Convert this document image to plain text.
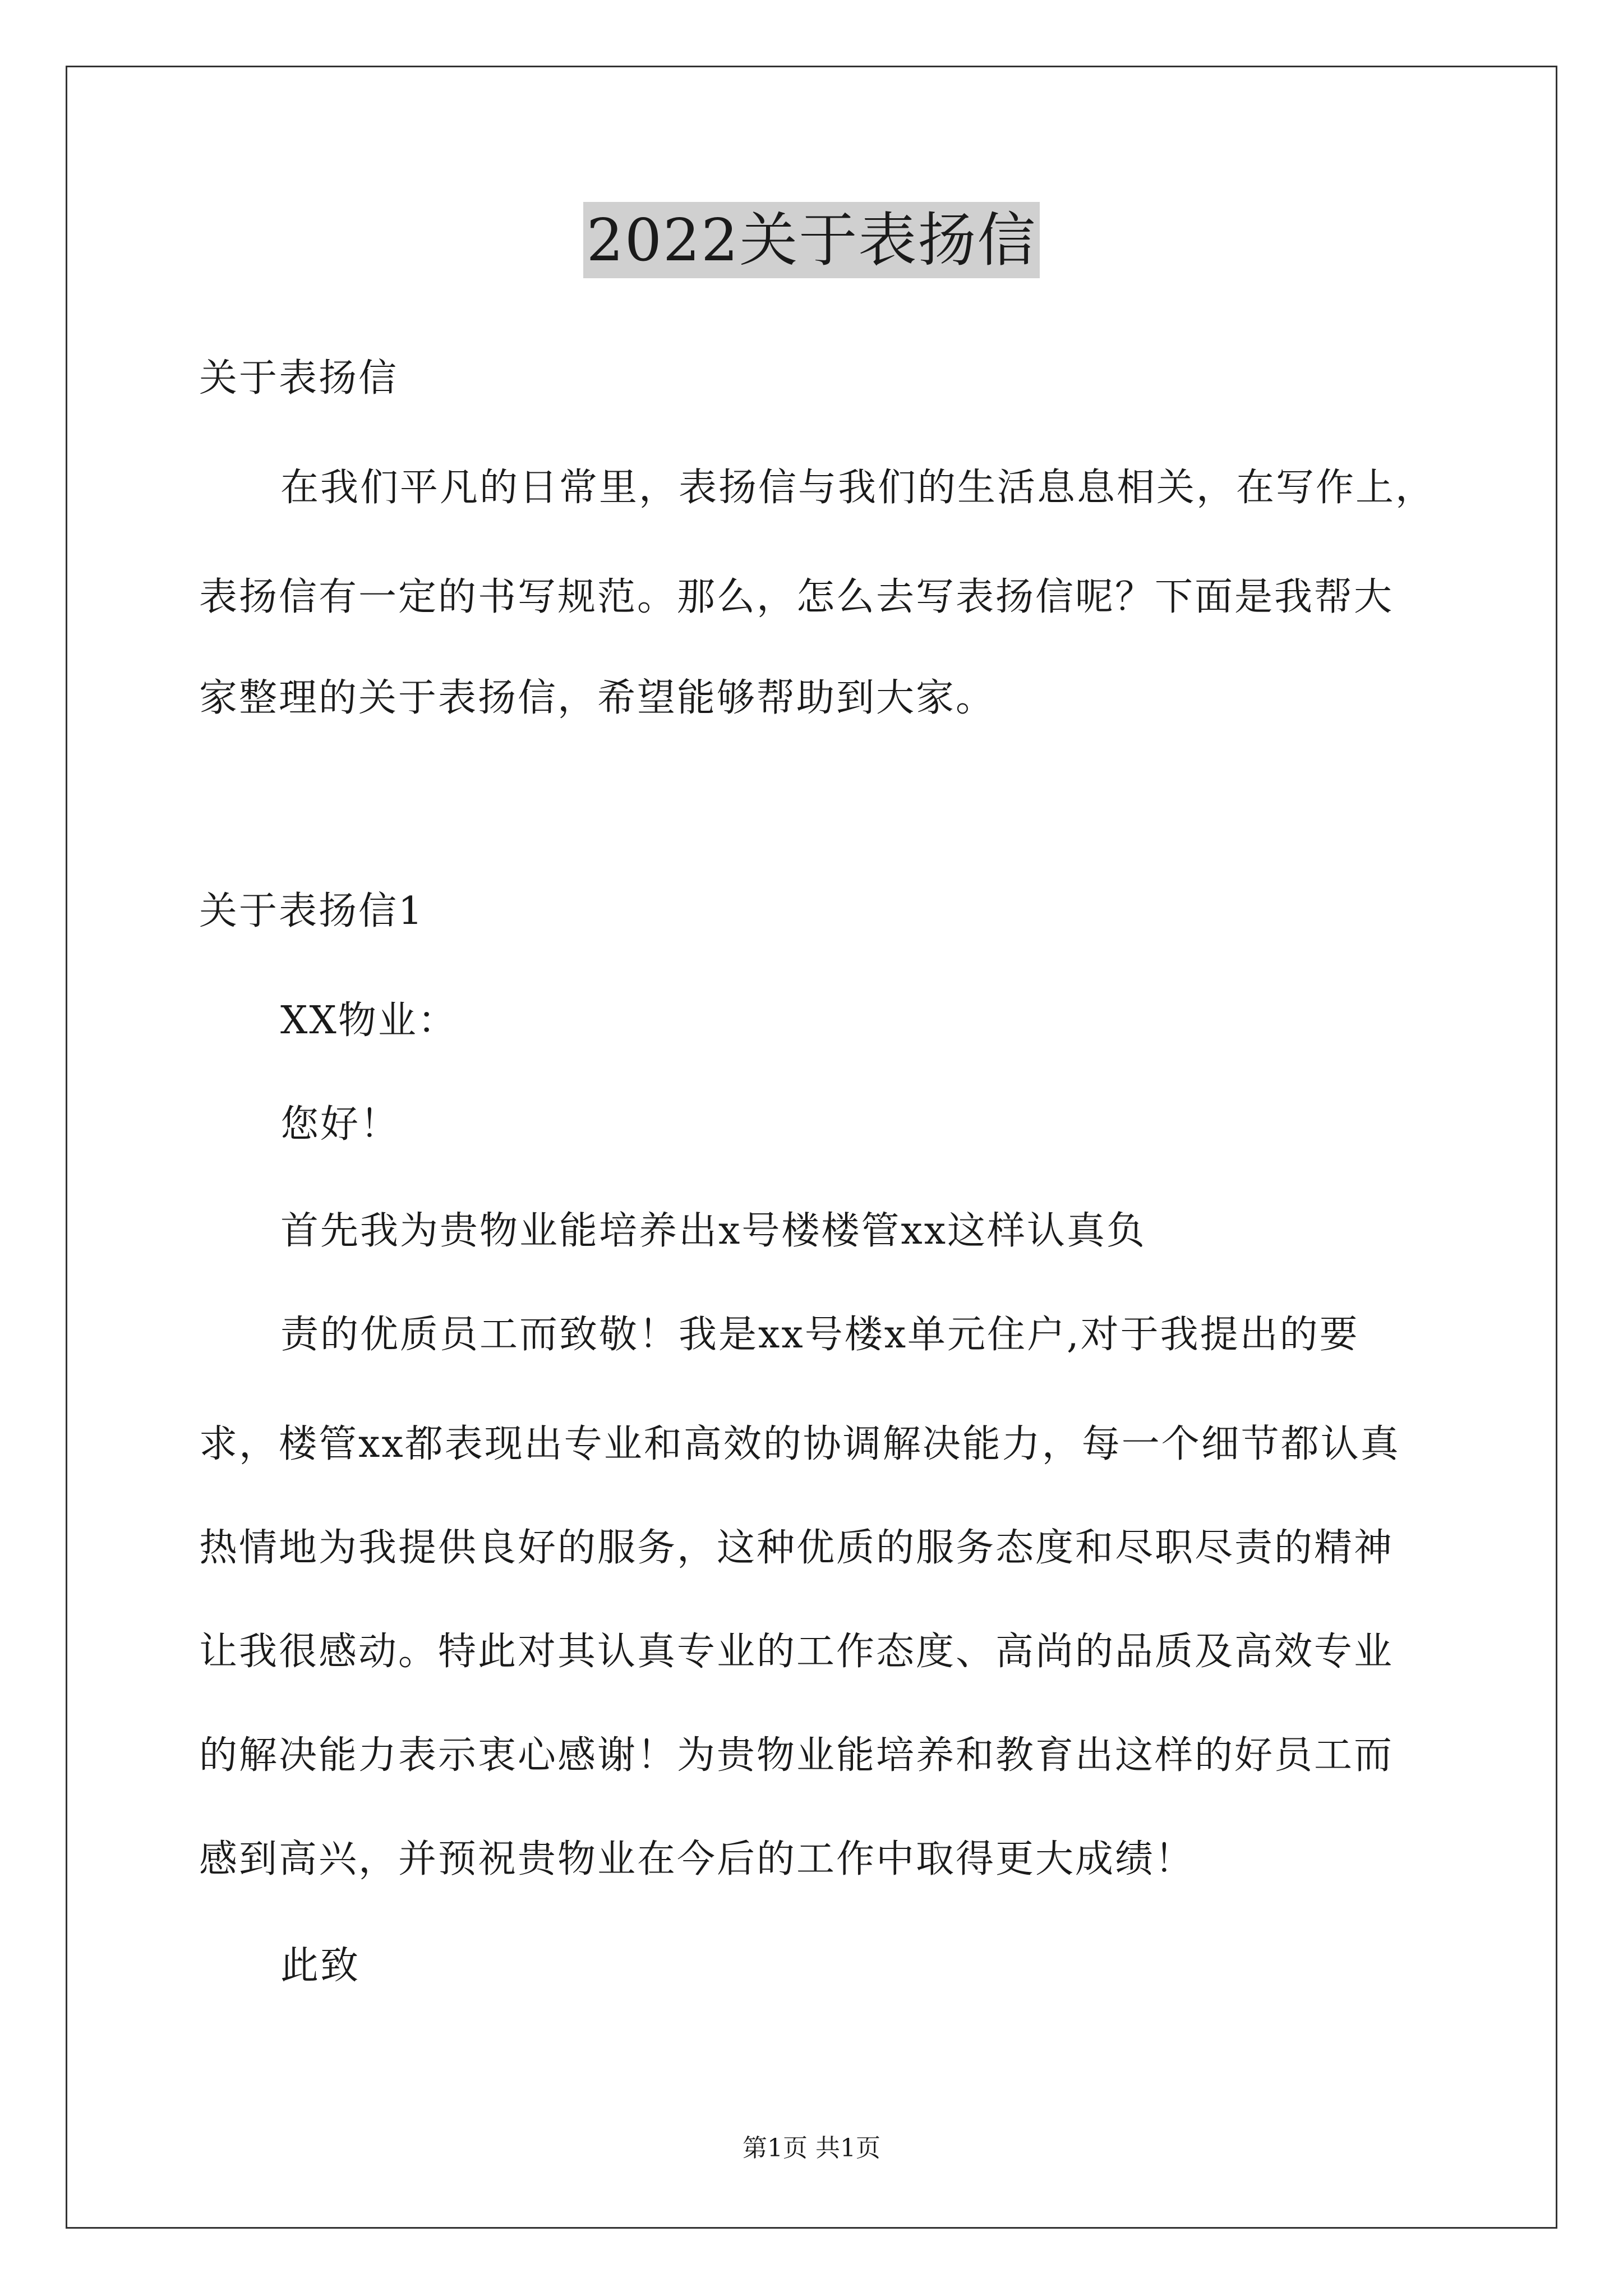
2022关于表扬信
关于表扬信
在我们平凡的日常里，表扬信与我们的生活息息相关，在写作上，
表扬信有一定的书写规范。那么，怎么去写表扬信呢？下面是我帮大
家整理的关于表扬信，希望能够帮助到大家。
关于表扬信1
XX物业：
您好！
首先我为贵物业能培养出x号楼楼管xx这样认真负
责的优质员工而致敬！我是xx号楼x单元住户,对于我提出的要
求，楼管xx都表现出专业和高效的协调解决能力，每一个细节都认真
热情地为我提供良好的服务，这种优质的服务态度和尽职尽责的精神
让我很感动。特此对其认真专业的工作态度、高尚的品质及高效专业
的解决能力表示衷心感谢！为贵物业能培养和教育出这样的好员工而
感到高兴，并预祝贵物业在今后的工作中取得更大成绩！
此致
第1页 共1页
